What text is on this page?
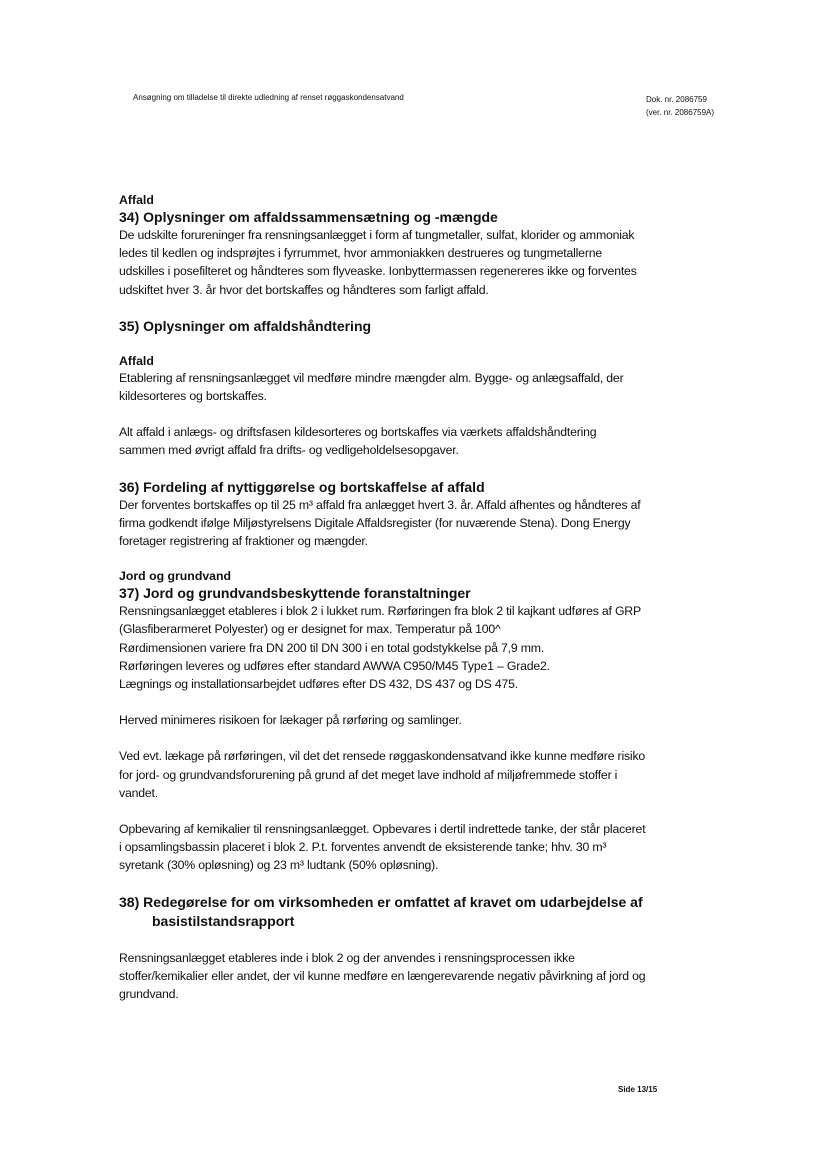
Ansøgning om tilladelse til direkte udledning af renset røggaskondensatvand	Dok. nr. 2086759
(ver. nr. 2086759A)

Affald

34) Oplysninger om affaldssammensætning og -mængde

De udskilte forureninger fra rensningsanlægget i form af tungmetaller, sulfat, klorider og ammoniak

ledes til kedlen og indsprøjtes i fyrrummet, hvor ammoniakken destrueres og tungmetallerne

udskilles i posefilteret og håndteres som flyveaske. Ionbyttermassen regenereres ikke og forventes

udskiftet hver 3. år hvor det bortskaffes og håndteres som farligt affald.

35) Oplysninger om affaldshåndtering

Affald

Etablering af rensningsanlægget vil medføre mindre mængder alm. Bygge- og anlægsaffald, der

kildesorteres og bortskaffes.

Alt affald i anlægs- og driftsfasen kildesorteres og bortskaffes via værkets affaldshåndtering

sammen med øvrigt affald fra drifts- og vedligeholdelsesopgaver.

36) Fordeling af nyttiggørelse og bortskaffelse af affald

Der forventes bortskaffes op til 25 m³ affald fra anlægget hvert 3. år. Affald afhentes og håndteres af

firma godkendt ifølge Miljøstyrelsens Digitale Affaldsregister (for nuværende Stena). Dong Energy

foretager registrering af fraktioner og mængder.

Jord og grundvand

37) Jord og grundvandsbeskyttende foranstaltninger

Rensningsanlægget etableres i blok 2 i lukket rum. Rørføringen fra blok 2 til kajkant udføres af GRP

(Glasfiberarmeret Polyester) og er designet for max. Temperatur på 100^

Rørdimensionen variere fra DN 200 til DN 300 i en total godstykkelse på 7,9 mm.

Rørføringen leveres og udføres efter standard AWWA C950/M45 Type1 – Grade2.

Lægnings og installationsarbejdet udføres efter DS 432, DS 437 og DS 475.

Herved minimeres risikoen for lækager på rørføring og samlinger.

Ved evt. lækage på rørføringen, vil det det rensede røggaskondensatvand ikke kunne medføre risiko

for jord- og grundvandsforurening på grund af det meget lave indhold af miljøfremmede stoffer i

vandet.

Opbevaring af kemikalier til rensningsanlægget. Opbevares i dertil indrettede tanke, der står placeret

i opsamlingsbassin placeret i blok 2. P.t. forventes anvendt de eksisterende tanke; hhv. 30 m³

syretank (30% opløsning) og 23 m³ ludtank (50% opløsning).

38) Redegørelse for om virksomheden er omfattet af kravet om udarbejdelse af
basistilstandsrapport

Rensningsanlægget etableres inde i blok 2 og der anvendes i rensningsprocessen ikke

stoffer/kemikalier eller andet, der vil kunne medføre en længerevarende negativ påvirkning af jord og

grundvand.

Side 13/15
